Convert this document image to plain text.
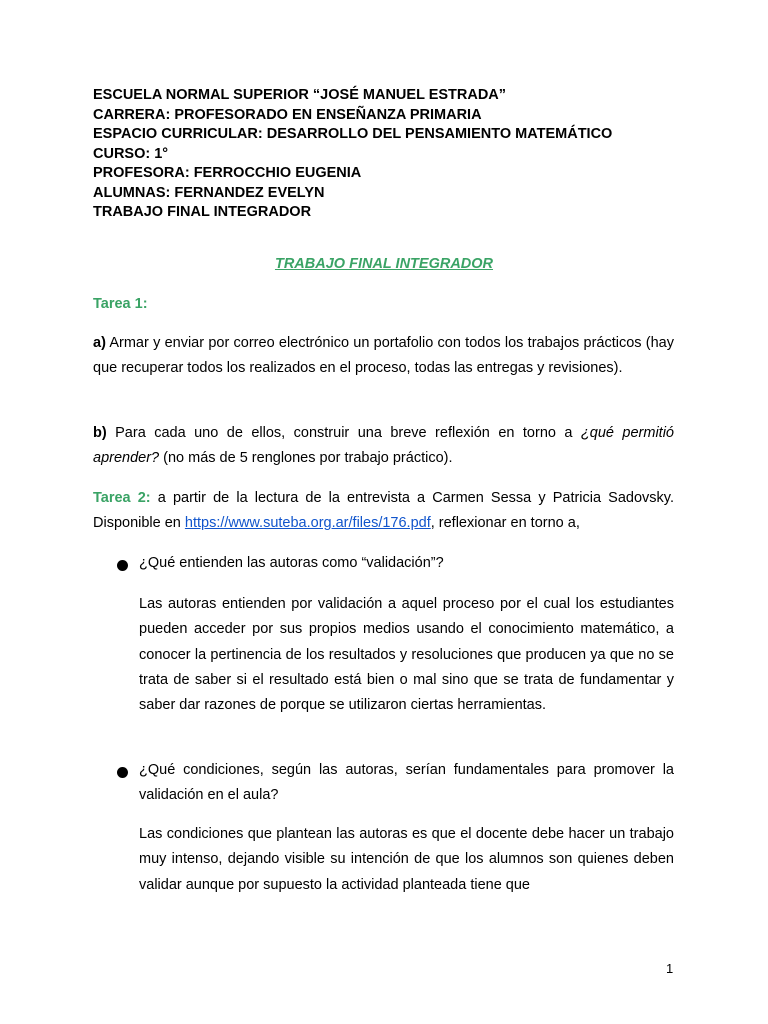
ESCUELA NORMAL SUPERIOR “JOSÉ MANUEL ESTRADA”
CARRERA: PROFESORADO EN ENSEÑANZA PRIMARIA
ESPACIO CURRICULAR: DESARROLLO DEL PENSAMIENTO MATEMÁTICO
CURSO: 1°
PROFESORA: FERROCCHIO EUGENIA
ALUMNAS: FERNANDEZ EVELYN
TRABAJO FINAL INTEGRADOR
TRABAJO FINAL INTEGRADOR
Tarea 1:
a) Armar y enviar por correo electrónico un portafolio con todos los trabajos prácticos (hay que recuperar todos los realizados en el proceso, todas las entregas y revisiones).
b) Para cada uno de ellos, construir una breve reflexión en torno a ¿qué permitió aprender? (no más de 5 renglones por trabajo práctico).
Tarea 2: a partir de la lectura de la entrevista a Carmen Sessa y Patricia Sadovsky. Disponible en https://www.suteba.org.ar/files/176.pdf, reflexionar en torno a,
¿Qué entienden las autoras como “validación”?
Las autoras entienden por validación a aquel proceso por el cual los estudiantes pueden acceder por sus propios medios usando el conocimiento matemático, a conocer la pertinencia de los resultados y resoluciones que producen ya que no se trata de saber si el resultado está bien o mal sino que se trata de fundamentar y saber dar razones de porque se utilizaron ciertas herramientas.
¿Qué condiciones, según las autoras, serían fundamentales para promover la validación en el aula?
Las condiciones que plantean las autoras es que el docente debe hacer un trabajo muy intenso, dejando visible su intención de que los alumnos son quienes deben validar aunque por supuesto la actividad planteada tiene que
1
